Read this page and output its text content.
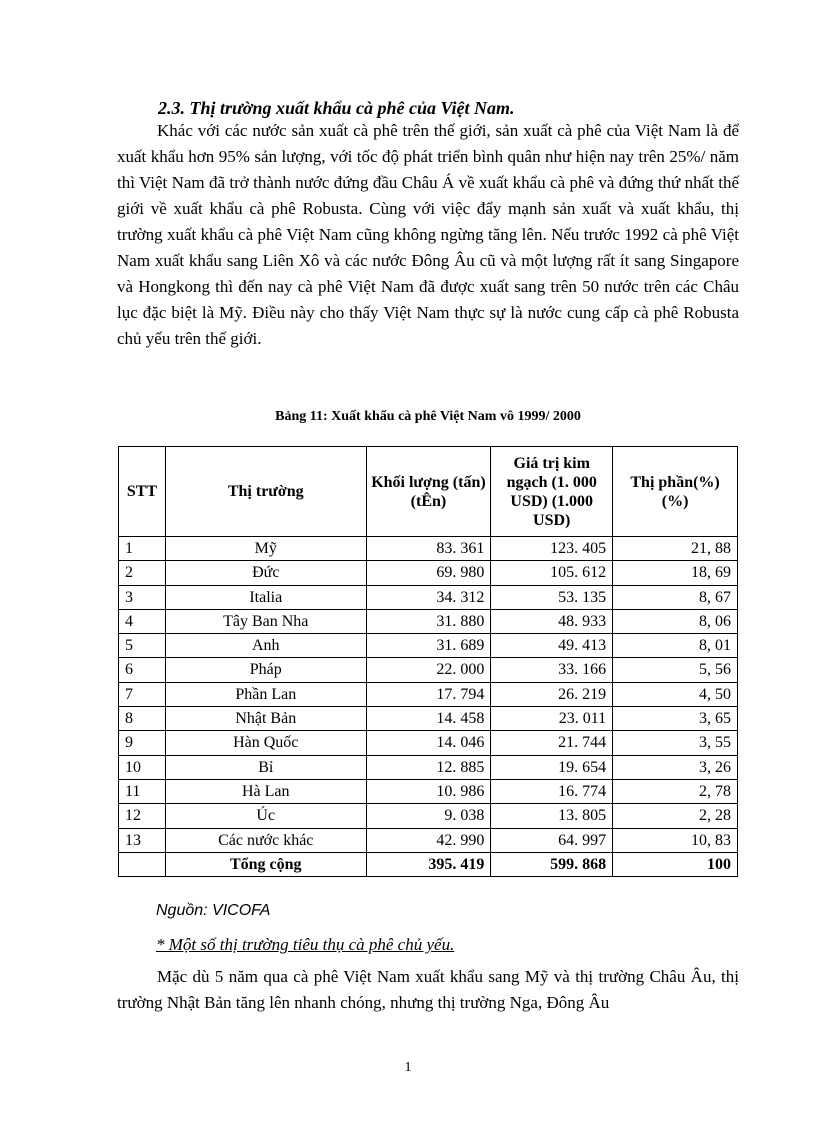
2.3. Thị trường xuất khẩu cà phê của Việt Nam.

Khác với các nước sản xuất cà phê trên thế giới, sản xuất cà phê của Việt Nam là để xuất khẩu hơn 95% sản lượng, với tốc độ phát triển bình quân như hiện nay trên 25%/ năm thì Việt Nam đã trở thành nước đứng đầu Châu Á về xuất khẩu cà phê và đứng thứ nhất thế giới về xuất khẩu cà phê Robusta. Cùng với việc đẩy mạnh sản xuất và xuất khẩu, thị trường xuất khẩu cà phê Việt Nam cũng không ngừng tăng lên. Nếu trước 1992 cà phê Việt Nam xuất khẩu sang Liên Xô và các nước Đông Âu cũ và một lượng rất ít sang Singapore và Hongkong thì đến nay cà phê Việt Nam đã được xuất sang trên 50 nước trên các Châu lục đặc biệt là Mỹ. Điều này cho thấy Việt Nam thực sự là nước cung cấp cà phê Robusta chủ yếu trên thế giới.

Bảng 11: Xuất khẩu cà phê Việt Nam vô 1999/ 2000
STT	Thị trường	Khối lượng (tấn) (tÊn)	Giá trị kim ngạch (1. 000 USD) (1.000 USD)	Thị phần(%) (%)
1	Mỹ	83. 361	123. 405	21, 88
2	Đức	69. 980	105. 612	18, 69
3	Italia	34. 312	53. 135	8, 67
4	Tây Ban Nha	31. 880	48. 933	8, 06
5	Anh	31. 689	49. 413	8, 01
6	Pháp	22. 000	33. 166	5, 56
7	Phần Lan	17. 794	26. 219	4, 50
8	Nhật Bản	14. 458	23. 011	3, 65
9	Hàn Quốc	14. 046	21. 744	3, 55
10	Bỉ	12. 885	19. 654	3, 26
11	Hà Lan	10. 986	16. 774	2, 78
12	Úc	9. 038	13. 805	2, 28
13	Các nước khác	42. 990	64. 997	10, 83
	Tổng cộng	395. 419	599. 868	100
Nguồn: VICOFA
* Một số thị trường tiêu thụ cà phê chủ yếu.

Mặc dù 5 năm qua cà phê Việt Nam xuất khẩu sang Mỹ và thị trường Châu Âu, thị trường Nhật Bản tăng lên nhanh chóng, nhưng thị trường Nga, Đông Âu

1
